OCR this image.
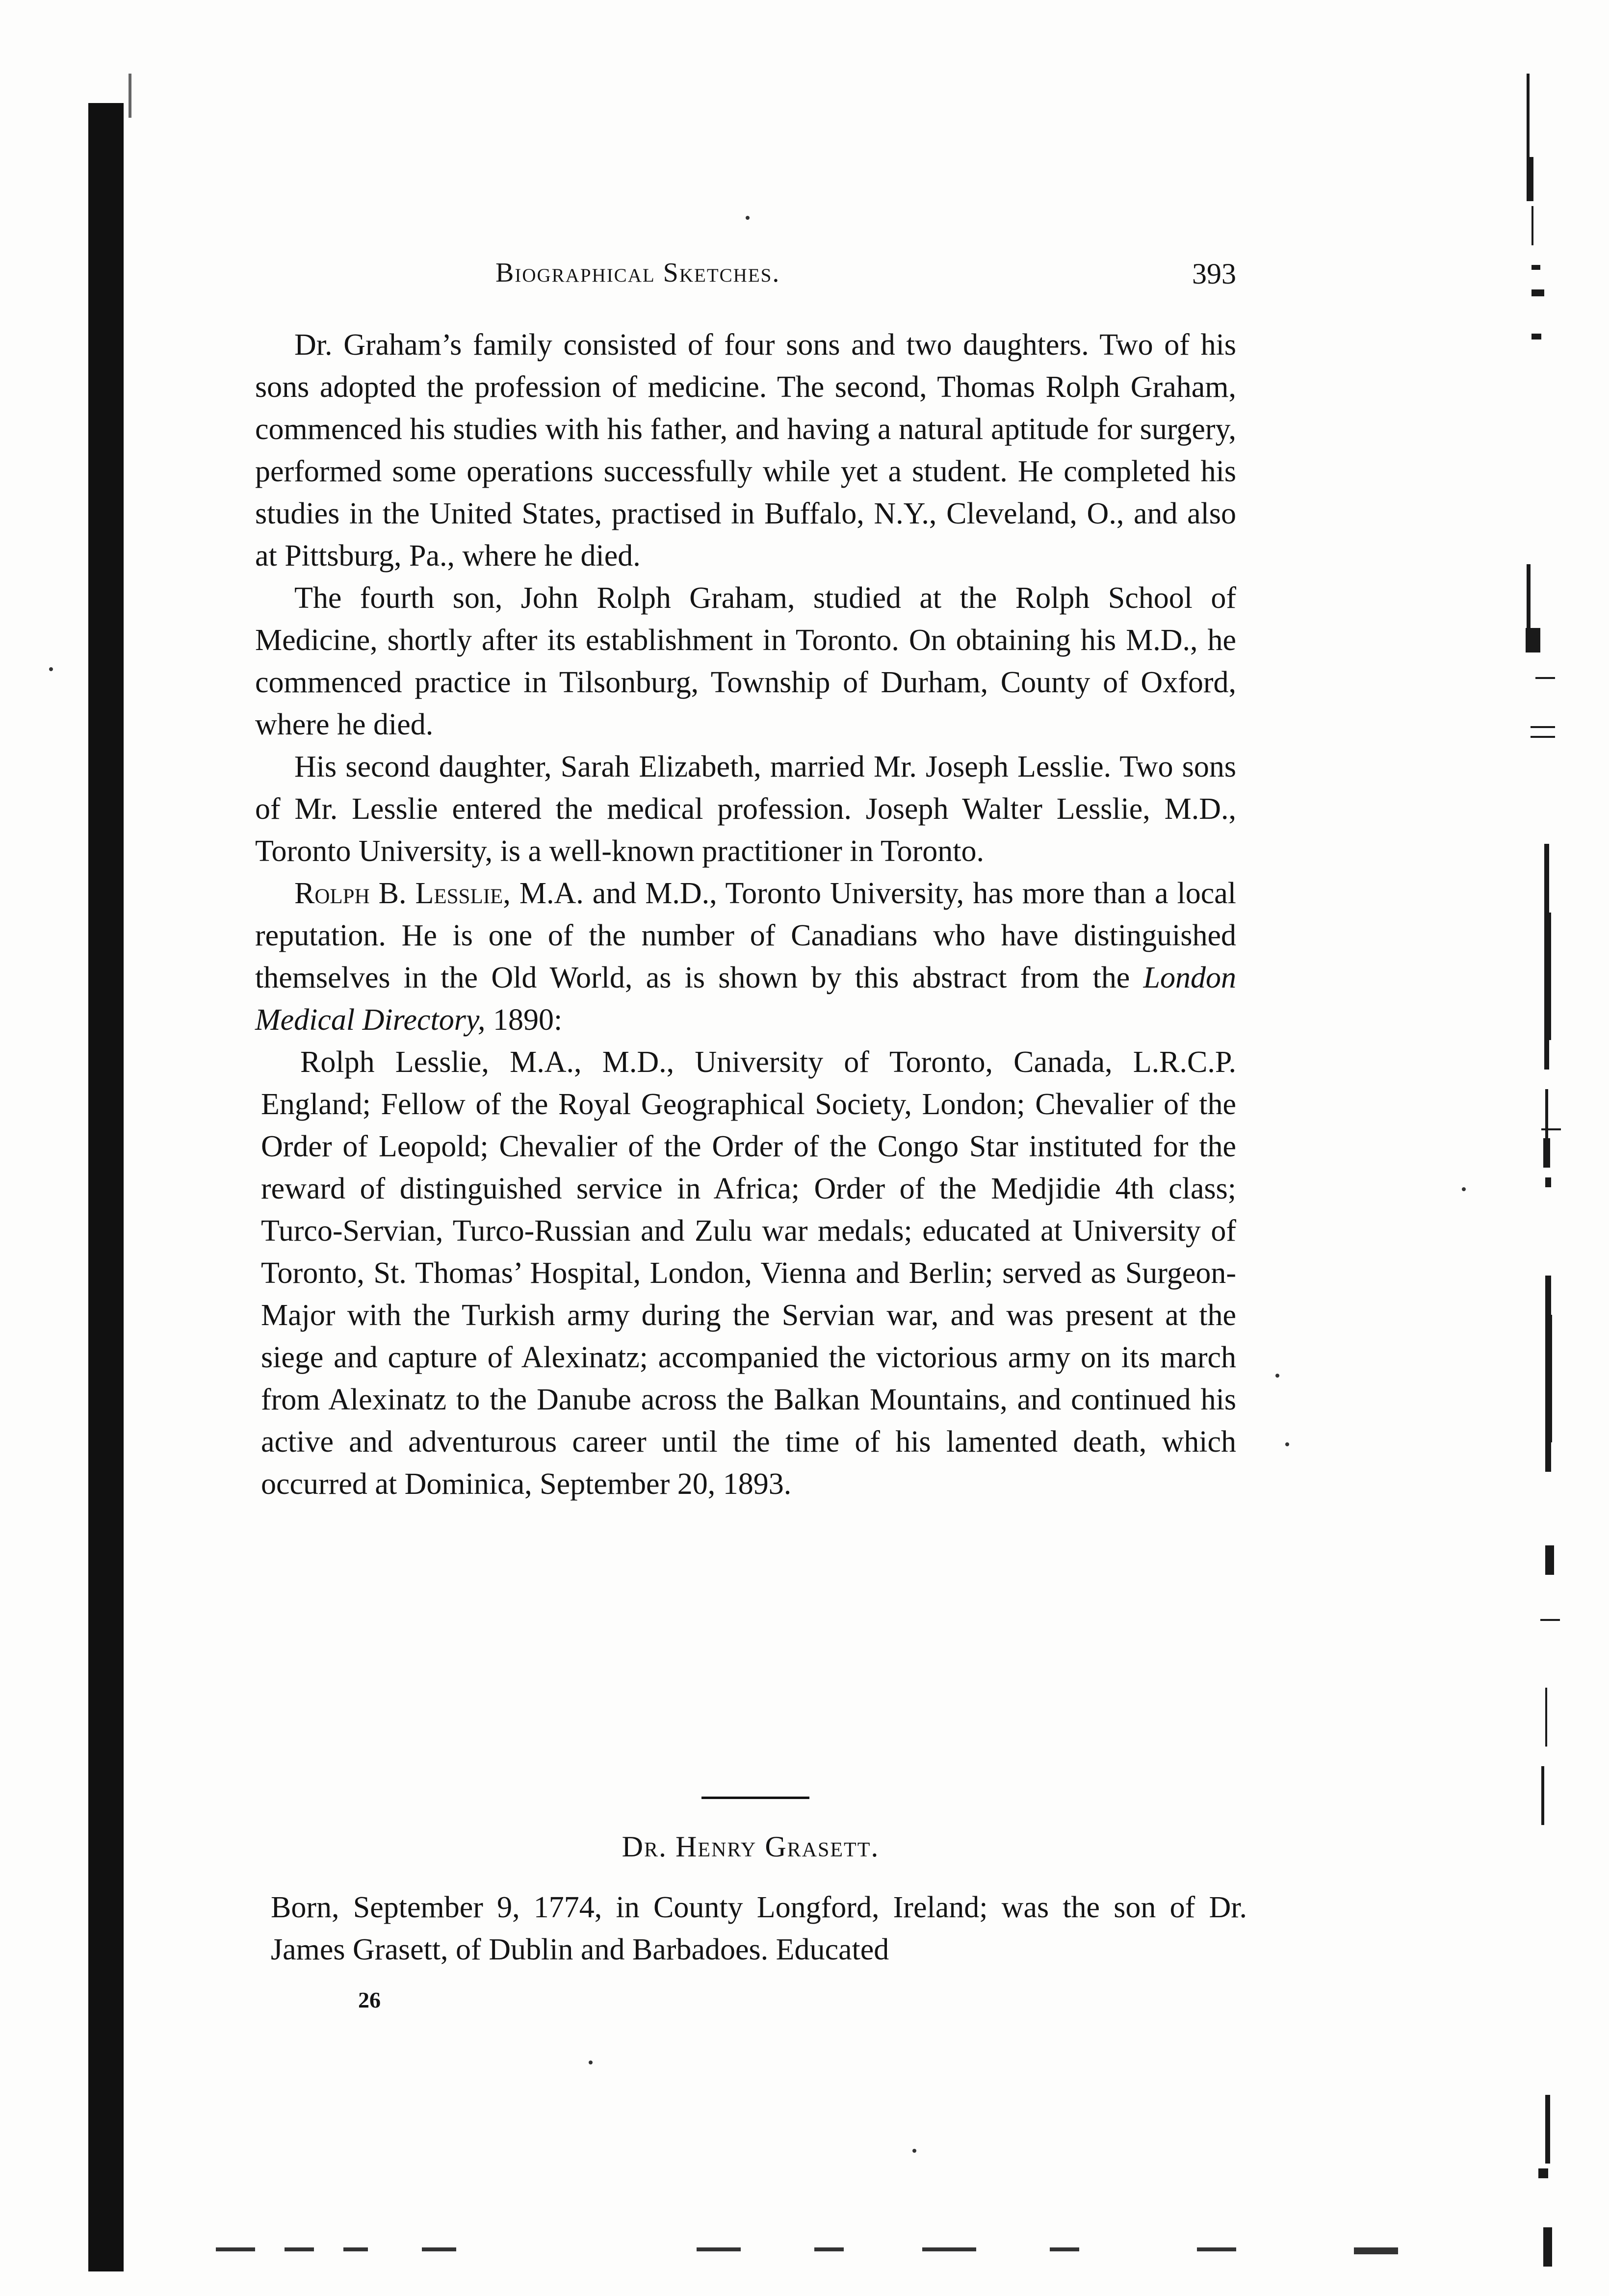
Biographical Sketches.	393

Dr. Graham’s family consisted of four sons and two daughters. Two of his sons adopted the profession of medicine. The second, Thomas Rolph Graham, commenced his studies with his father, and having a natural aptitude for surgery, performed some operations successfully while yet a student. He completed his studies in the United States, practised in Buffalo, N.Y., Cleveland, O., and also at Pittsburg, Pa., where he died.

The fourth son, John Rolph Graham, studied at the Rolph School of Medicine, shortly after its establishment in Toronto. On obtaining his M.D., he commenced practice in Tilsonburg, Township of Durham, County of Oxford, where he died.

His second daughter, Sarah Elizabeth, married Mr. Joseph Lesslie. Two sons of Mr. Lesslie entered the medical profession. Joseph Walter Lesslie, M.D., Toronto University, is a well-known practitioner in Toronto.

Rolph B. Lesslie, M.A. and M.D., Toronto University, has more than a local reputation. He is one of the number of Canadians who have distinguished themselves in the Old World, as is shown by this abstract from the London Medical Directory, 1890:

Rolph Lesslie, M.A., M.D., University of Toronto, Canada, L.R.C.P. England; Fellow of the Royal Geographical Society, London; Chevalier of the Order of Leopold; Chevalier of the Order of the Congo Star instituted for the reward of distinguished service in Africa; Order of the Medjidie 4th class; Turco-Servian, Turco-Russian and Zulu war medals; educated at University of Toronto, St. Thomas’ Hospital, London, Vienna and Berlin; served as Surgeon-Major with the Turkish army during the Servian war, and was present at the siege and capture of Alexinatz; accompanied the victorious army on its march from Alexinatz to the Danube across the Balkan Mountains, and continued his active and adventurous career until the time of his lamented death, which occurred at Dominica, September 20, 1893.

Dr. Henry Grasett.

Born, September 9, 1774, in County Longford, Ireland; was the son of Dr. James Grasett, of Dublin and Barbadoes. Educated

26
